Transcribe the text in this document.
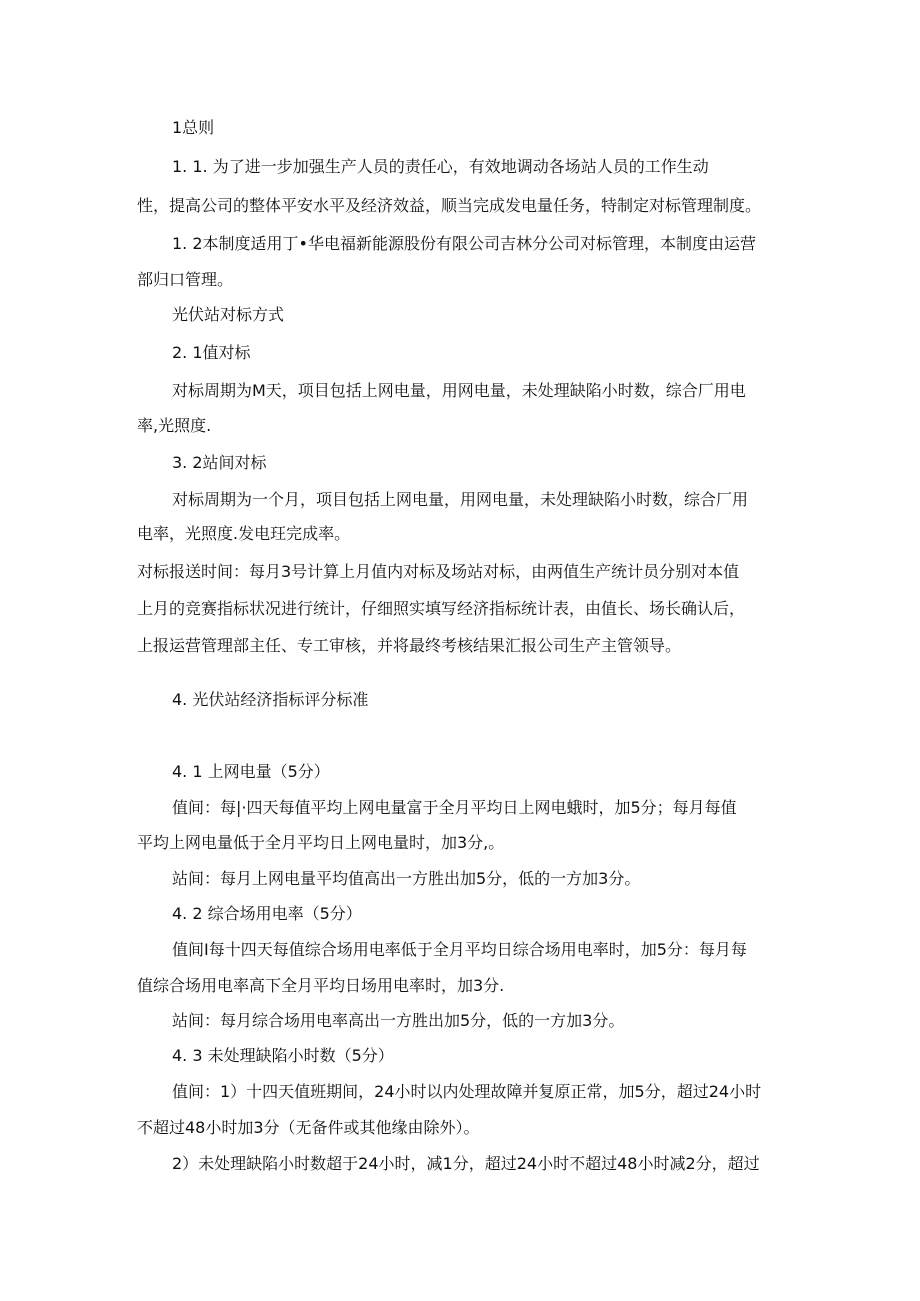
1总则
1. 1. 为了进一步加强生产人员的责任心，有效地调动各场站人员的工作生动
性，提高公司的整体平安水平及经济效益，顺当完成发电量任务，特制定对标管理制度。
1. 2本制度适用丁•华电福新能源股份有限公司吉林分公司对标管理，本制度由运营
部归口管理。
光伏站对标方式
2. 1值对标
对标周期为M天，项目包括上网电量，用网电量，未处理缺陷小时数，综合厂用电
率,光照度.
3. 2站间对标
对标周期为一个月，项目包括上网电量，用网电量，未处理缺陷小时数，综合厂用
电率，光照度.发电玨完成率。
对标报送时间：每月3号计算上月值内对标及场站对标，由两值生产统计员分别对本值
上月的竞赛指标状况进行统计，仔细照实填写经济指标统计表，由值长、场长确认后，
上报运营管理部主任、专工审核，并将最终考核结果汇报公司生产主管领导。
4. 光伏站经济指标评分标准
4. 1 上网电量（5分）
值间：每|·四天每值平均上网电量富于全月平均日上网电蛾时，加5分；每月每值
平均上网电量低于全月平均日上网电量时，加3分,。
站间：每月上网电量平均值高出一方胜出加5分，低的一方加3分。
4. 2 综合场用电率（5分）
值间I每十四天每值综合场用电率低于全月平均日综合场用电率时，加5分：每月每
值综合场用电率高下全月平均日场用电率时，加3分.
站间：每月综合场用电率高出一方胜出加5分，低的一方加3分。
4. 3 未处理缺陷小时数（5分）
值间：1）十四天值班期间，24小时以内处理故障并复原正常，加5分，超过24小时
不超过48小时加3分（无备件或其他缘由除外）。
2）未处理缺陷小时数超于24小时，减1分，超过24小时不超过48小时减2分，超过
